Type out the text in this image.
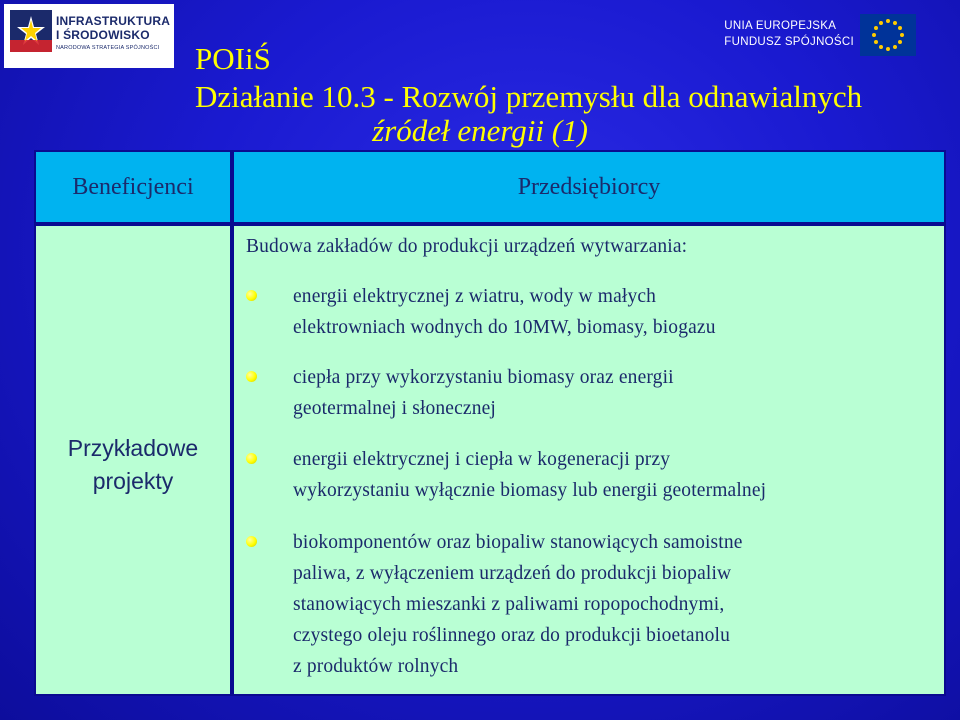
INFRASTRUKTURA
I ŚRODOWISKO
NARODOWA STRATEGIA SPÓJNOŚCI
UNIA EUROPEJSKA
FUNDUSZ SPÓJNOŚCI
POIiŚ
Działanie 10.3 - Rozwój przemysłu dla odnawialnych
źródeł energii (1)
Beneficjenci	Przedsiębiorcy
Przykładowe
projekty
Budowa zakładów do produkcji urządzeń wytwarzania:
energii elektrycznej z wiatru, wody w małych
elektrowniach wodnych do 10MW, biomasy, biogazu
ciepła przy wykorzystaniu biomasy oraz energii
geotermalnej i słonecznej
energii elektrycznej i ciepła w kogeneracji przy
wykorzystaniu wyłącznie biomasy lub energii geotermalnej
biokomponentów oraz biopaliw stanowiących samoistne
paliwa, z wyłączeniem urządzeń do produkcji biopaliw
stanowiących mieszanki z paliwami ropopochodnymi,
czystego oleju roślinnego oraz do produkcji bioetanolu
z produktów rolnych
